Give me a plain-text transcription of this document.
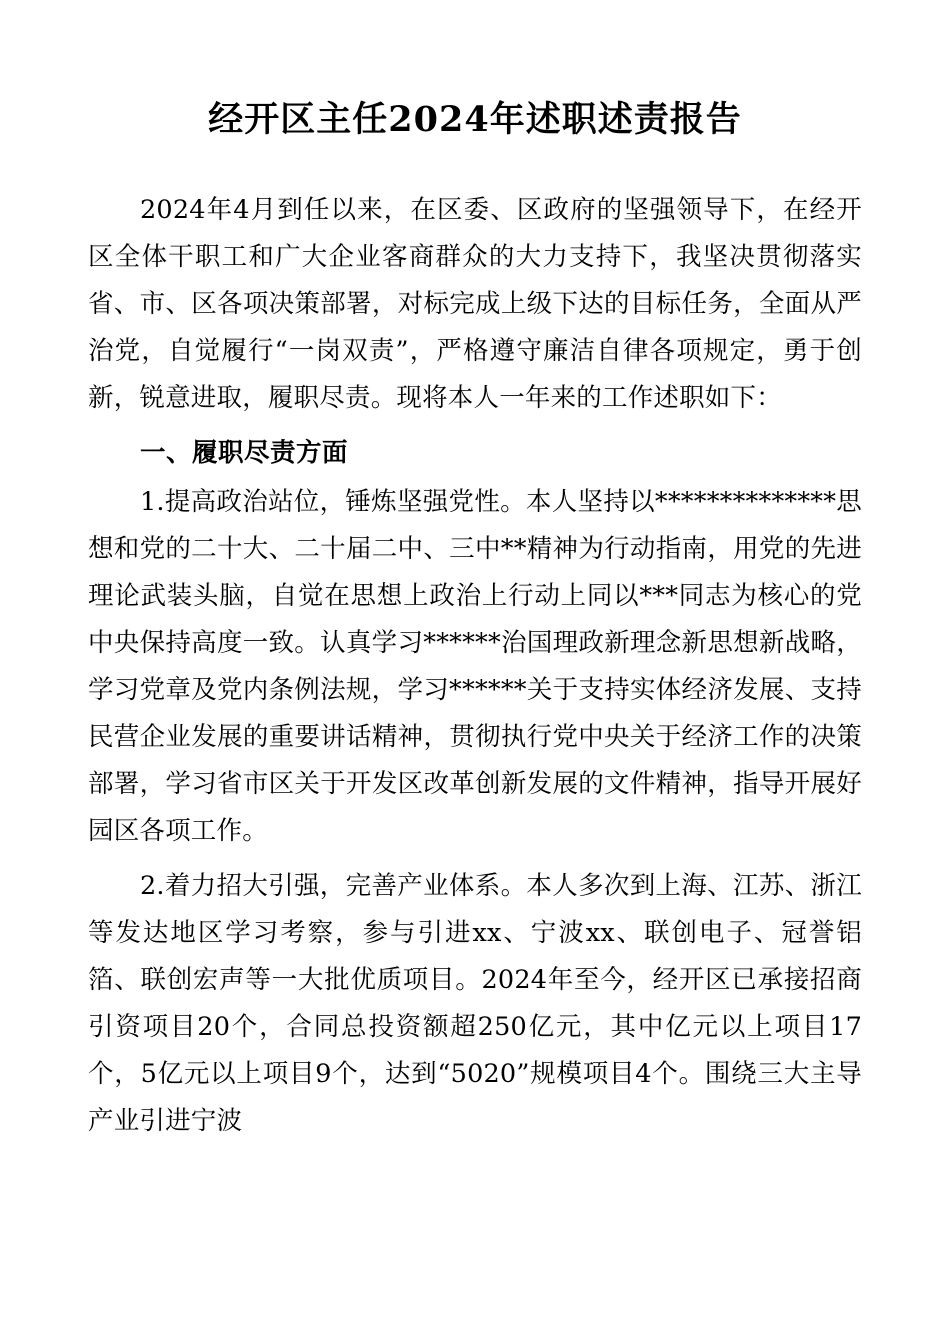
经开区主任2024年述职述责报告

2024年4月到任以来，在区委、区政府的坚强领导下，在经开区全体干职工和广大企业客商群众的大力支持下，我坚决贯彻落实省、市、区各项决策部署，对标完成上级下达的目标任务，全面从严治党，自觉履行“一岗双责”，严格遵守廉洁自律各项规定，勇于创新，锐意进取，履职尽责。现将本人一年来的工作述职如下：

一、履职尽责方面

1.提高政治站位，锤炼坚强党性。本人坚持以**************思想和党的二十大、二十届二中、三中**精神为行动指南，用党的先进理论武装头脑，自觉在思想上政治上行动上同以***同志为核心的党中央保持高度一致。认真学习******治国理政新理念新思想新战略，学习党章及党内条例法规，学习******关于支持实体经济发展、支持民营企业发展的重要讲话精神，贯彻执行党中央关于经济工作的决策部署，学习省市区关于开发区改革创新发展的文件精神，指导开展好园区各项工作。

2.着力招大引强，完善产业体系。本人多次到上海、江苏、浙江等发达地区学习考察，参与引进xx、宁波xx、联创电子、冠誉铝箔、联创宏声等一大批优质项目。2024年至今，经开区已承接招商引资项目20个，合同总投资额超250亿元，其中亿元以上项目17个，5亿元以上项目9个，达到“5020”规模项目4个。围绕三大主导产业引进宁波
